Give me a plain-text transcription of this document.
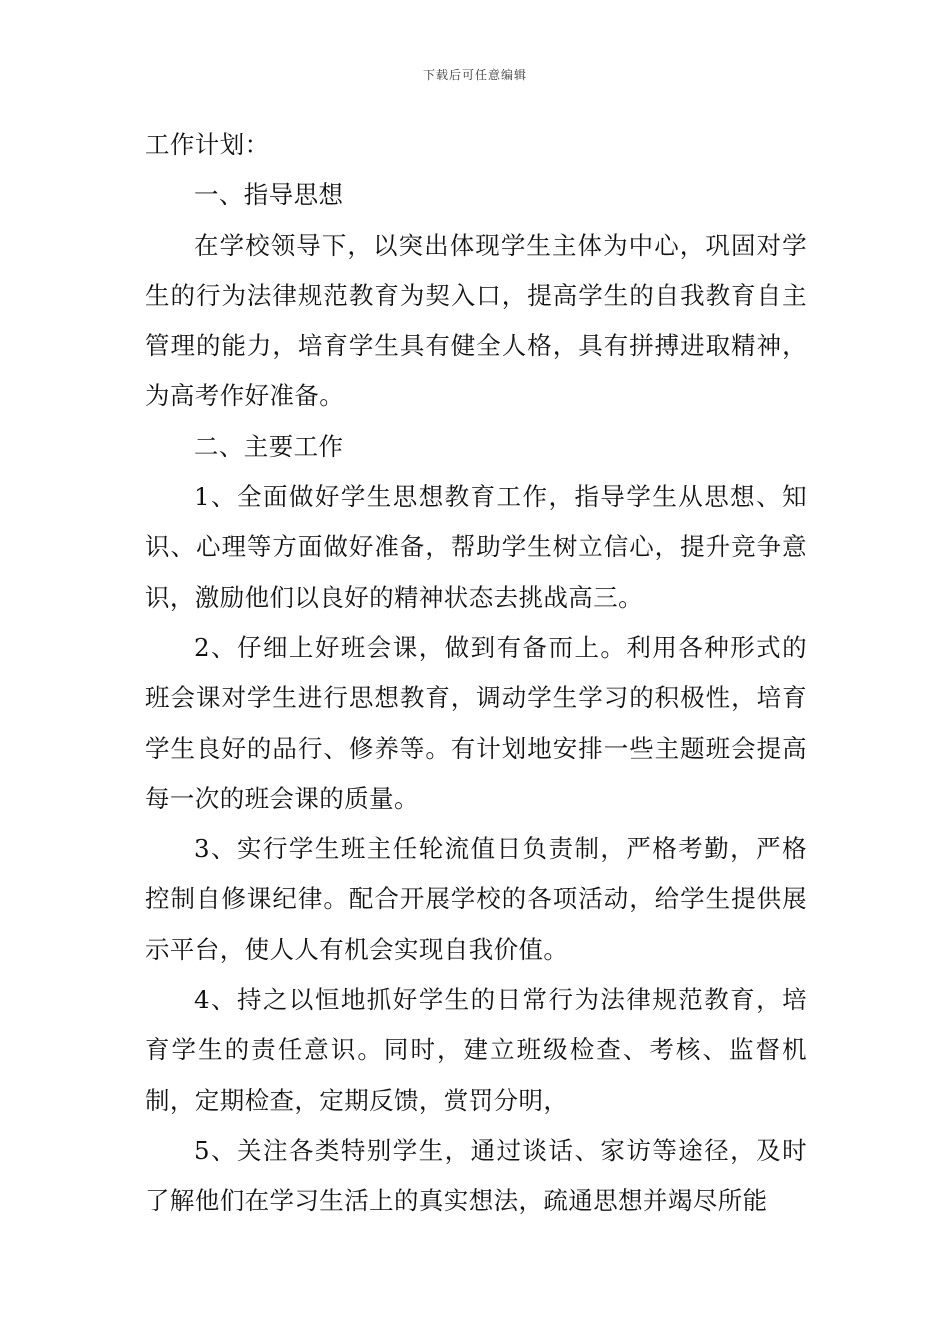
下载后可任意编辑

工作计划：

一、指导思想

在学校领导下，以突出体现学生主体为中心，巩固对学生的行为法律规范教育为契入口，提高学生的自我教育自主管理的能力，培育学生具有健全人格，具有拼搏进取精神，为高考作好准备。

二、主要工作

1、全面做好学生思想教育工作，指导学生从思想、知识、心理等方面做好准备，帮助学生树立信心，提升竞争意识，激励他们以良好的精神状态去挑战高三。

2、仔细上好班会课，做到有备而上。利用各种形式的班会课对学生进行思想教育，调动学生学习的积极性，培育学生良好的品行、修养等。有计划地安排一些主题班会提高每一次的班会课的质量。

3、实行学生班主任轮流值日负责制，严格考勤，严格控制自修课纪律。配合开展学校的各项活动，给学生提供展示平台，使人人有机会实现自我价值。

4、持之以恒地抓好学生的日常行为法律规范教育，培育学生的责任意识。同时，建立班级检查、考核、监督机制，定期检查，定期反馈，赏罚分明，

5、关注各类特别学生，通过谈话、家访等途径，及时了解他们在学习生活上的真实想法，疏通思想并竭尽所能
